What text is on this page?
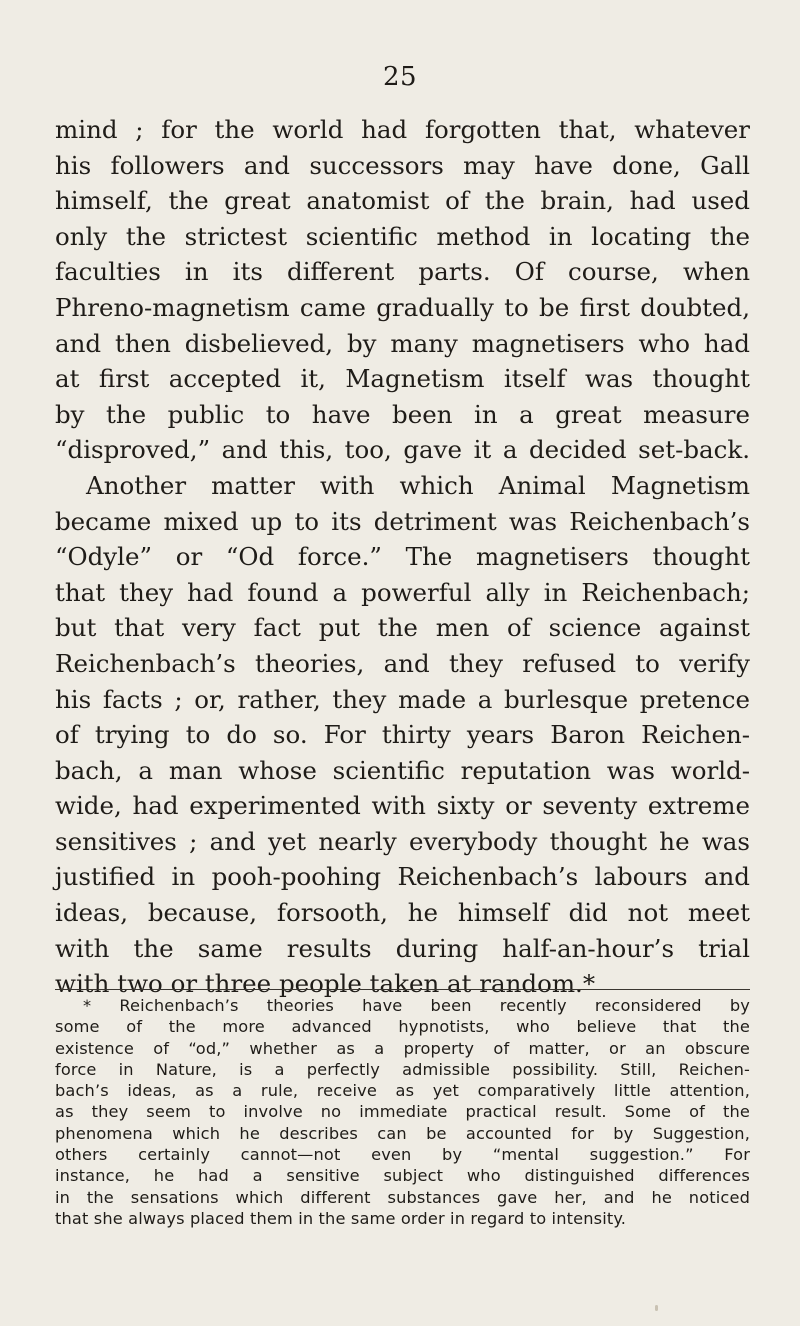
25
mind ; for the world had forgotten that, whatever
his followers and successors may have done, Gall
himself, the great anatomist of the brain, had used
only the strictest scientific method in locating the
faculties in its different parts. Of course, when
Phreno-magnetism came gradually to be first doubted,
and then disbelieved, by many magnetisers who had
at first accepted it, Magnetism itself was thought
by the public to have been in a great measure
“disproved,” and this, too, gave it a decided set-back.
Another matter with which Animal Magnetism
became mixed up to its detriment was Reichenbach’s
“Odyle” or “Od force.” The magnetisers thought
that they had found a powerful ally in Reichenbach;
but that very fact put the men of science against
Reichenbach’s theories, and they refused to verify
his facts ; or, rather, they made a burlesque pretence
of trying to do so. For thirty years Baron Reichen-
bach, a man whose scientific reputation was world-
wide, had experimented with sixty or seventy extreme
sensitives ; and yet nearly everybody thought he was
justified in pooh-poohing Reichenbach’s labours and
ideas, because, forsooth, he himself did not meet
with the same results during half-an-hour’s trial
with two or three people taken at random.*
* Reichenbach’s theories have been recently reconsidered by
some of the more advanced hypnotists, who believe that the
existence of “od,” whether as a property of matter, or an obscure
force in Nature, is a perfectly admissible possibility. Still, Reichen-
bach’s ideas, as a rule, receive as yet comparatively little attention,
as they seem to involve no immediate practical result. Some of the
phenomena which he describes can be accounted for by Suggestion,
others certainly cannot—not even by “mental suggestion.” For
instance, he had a sensitive subject who distinguished differences
in the sensations which different substances gave her, and he noticed
that she always placed them in the same order in regard to intensity.
